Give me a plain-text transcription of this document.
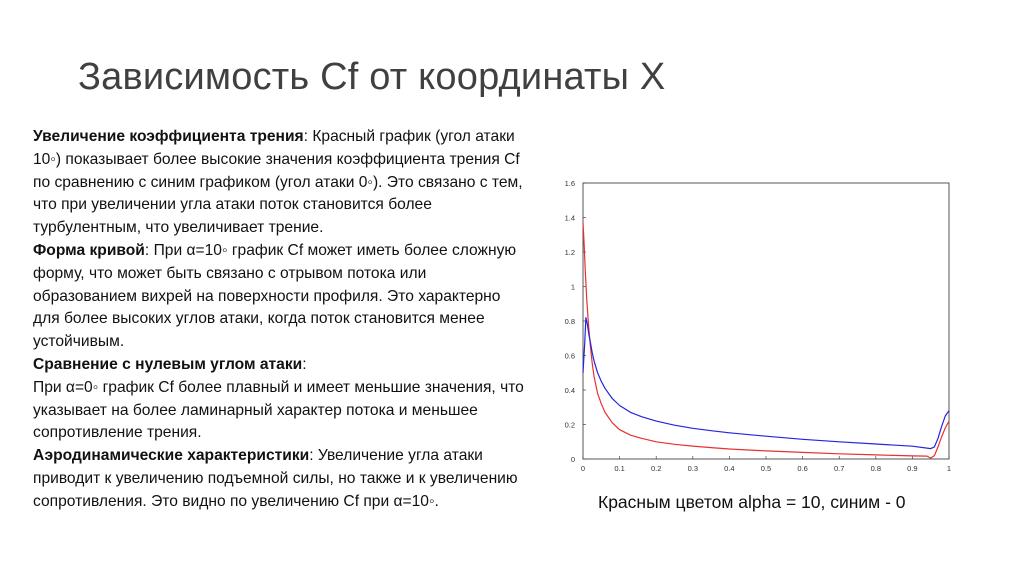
Зависимость Cf от координаты X

Увеличение коэффициента трения: Красный график (угол атаки 10◦) показывает более высокие значения коэффициента трения Cf по сравнению с синим графиком (угол атаки 0◦). Это связано с тем, что при увеличении угла атаки поток становится более турбулентным, что увеличивает трение.

Форма кривой: При α=10◦ график Cf может иметь более сложную форму, что может быть связано с отрывом потока или образованием вихрей на поверхности профиля. Это характерно для более высоких углов атаки, когда поток становится менее устойчивым.

Сравнение с нулевым углом атаки:

При α=0◦ график Cf более плавный и имеет меньшие значения, что указывает на более ламинарный характер потока и меньшее сопротивление трения.

Аэродинамические характеристики: Увеличение угла атаки приводит к увеличению подъемной силы, но также и к увеличению сопротивления. Это видно по увеличению Cf при α=10◦.

0	0.1	0.2	0.3	0.4	0.5	0.6	0.7	0.8	0.9	1
0
0.2
0.4
0.6
0.8
1
1.2
1.4
1.6
Красным цветом alpha = 10, синим - 0
